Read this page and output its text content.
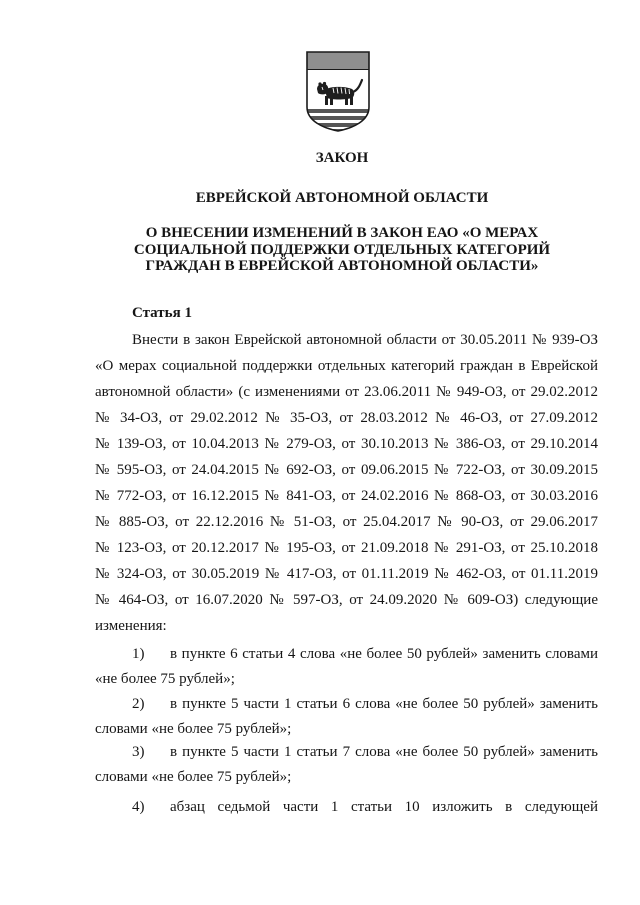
ЗАКОН
ЕВРЕЙСКОЙ АВТОНОМНОЙ ОБЛАСТИ
О ВНЕСЕНИИ ИЗМЕНЕНИЙ В ЗАКОН ЕАО «О МЕРАХ
СОЦИАЛЬНОЙ ПОДДЕРЖКИ ОТДЕЛЬНЫХ КАТЕГОРИЙ
ГРАЖДАН В ЕВРЕЙСКОЙ АВТОНОМНОЙ ОБЛАСТИ»
Статья 1
Внести в закон Еврейской автономной области от 30.05.2011 № 939-ОЗ
«О мерах социальной поддержки отдельных категорий граждан в Еврейской
автономной области» (с изменениями от 23.06.2011 № 949-ОЗ, от 29.02.2012
№ 34-ОЗ, от 29.02.2012 № 35-ОЗ, от 28.03.2012 № 46-ОЗ, от 27.09.2012
№ 139-ОЗ, от 10.04.2013 № 279-ОЗ, от 30.10.2013 № 386-ОЗ, от 29.10.2014
№ 595-ОЗ, от 24.04.2015 № 692-ОЗ, от 09.06.2015 № 722-ОЗ, от 30.09.2015
№ 772-ОЗ, от 16.12.2015 № 841-ОЗ, от 24.02.2016 № 868-ОЗ, от 30.03.2016
№ 885-ОЗ, от 22.12.2016 № 51-ОЗ, от 25.04.2017 № 90-ОЗ, от 29.06.2017
№ 123-ОЗ, от 20.12.2017 № 195-ОЗ, от 21.09.2018 № 291-ОЗ, от 25.10.2018
№ 324-ОЗ, от 30.05.2019 № 417-ОЗ, от 01.11.2019 № 462-ОЗ, от 01.11.2019
№ 464-ОЗ, от 16.07.2020 № 597-ОЗ, от 24.09.2020 № 609-ОЗ) следующие
изменения:
1) в пункте 6 статьи 4 слова «не более 50 рублей» заменить словами
«не более 75 рублей»;
2) в пункте 5 части 1 статьи 6 слова «не более 50 рублей» заменить
словами «не более 75 рублей»;
3) в пункте 5 части 1 статьи 7 слова «не более 50 рублей» заменить
словами «не более 75 рублей»;
4) абзац седьмой части 1 статьи 10 изложить в следующей
